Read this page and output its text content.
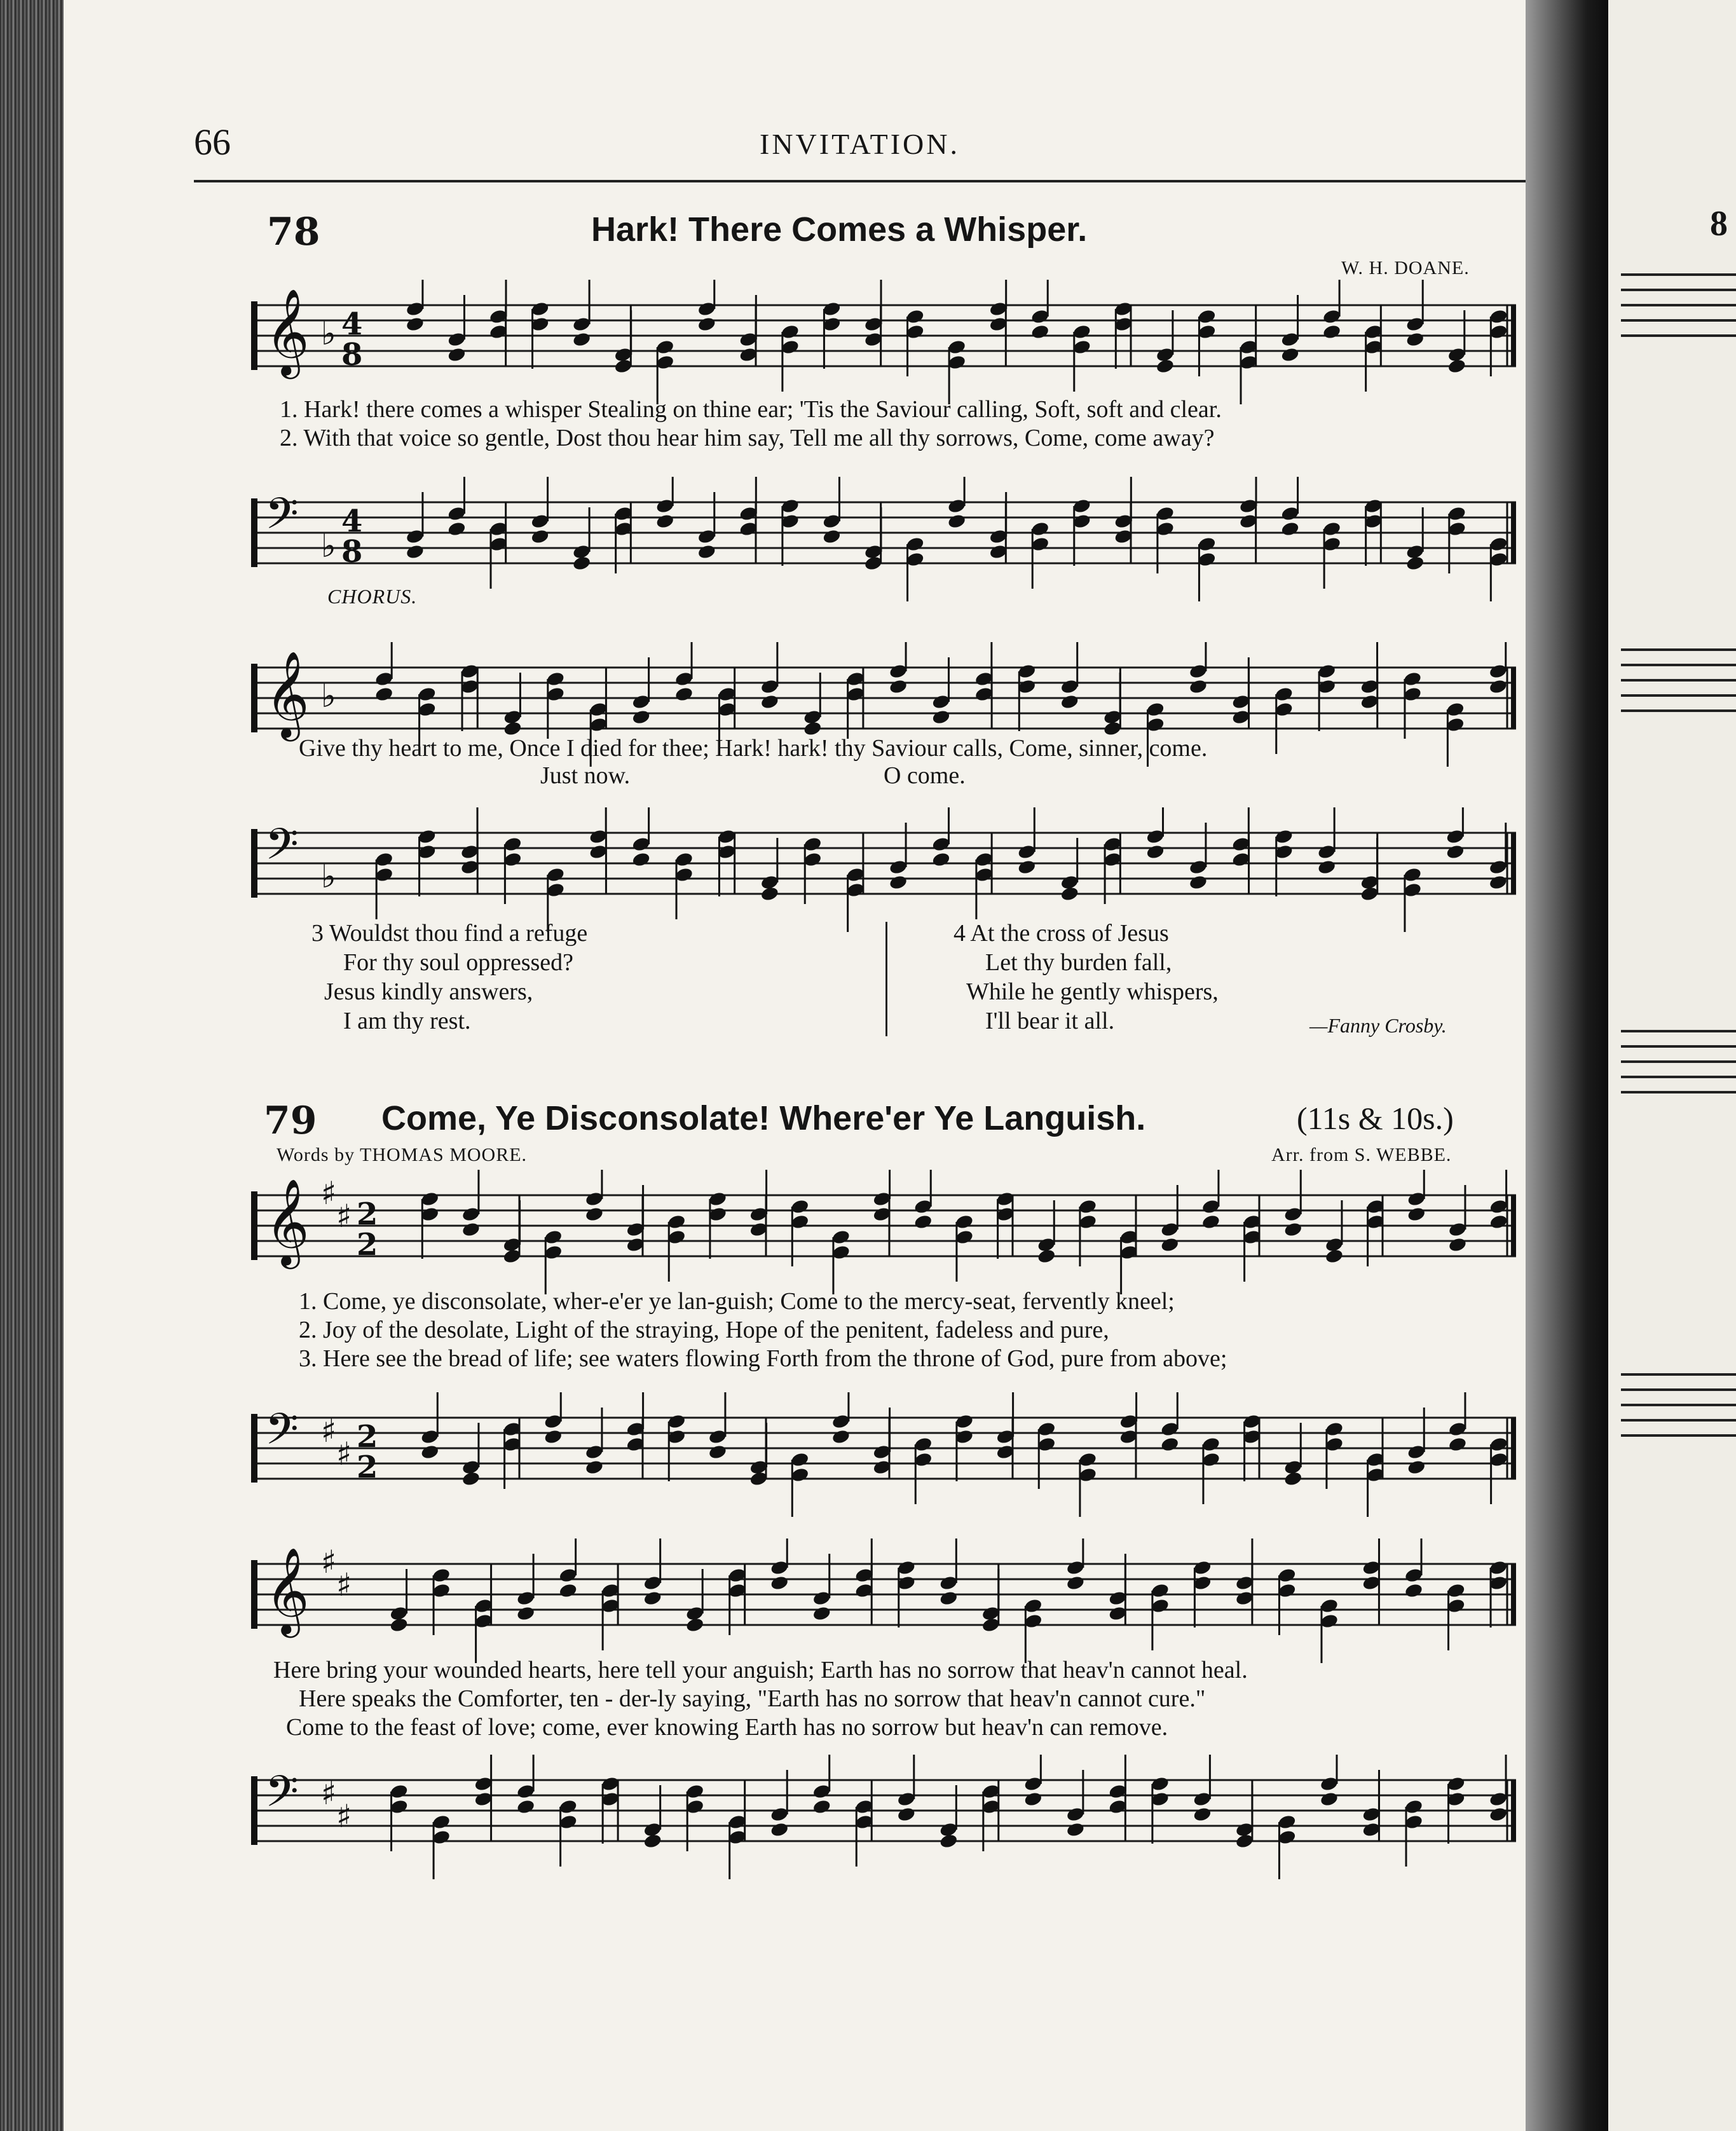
8
66	INVITATION.
78	Hark! There Comes a Whisper.
W. H. DOANE.
𝄞 ♭ 4
8
𝄢 ♭
4
8
1. Hark! there comes a whisper Stealing on thine ear; 'Tis the Saviour calling, Soft, soft and clear.
2. With that voice so gentle, Dost thou hear him say, Tell me all thy sorrows, Come, come away?
CHORUS.
𝄞 ♭
𝄢 ♭
Give thy heart to me, Once I died for thee; Hark! hark! thy Saviour calls, Come, sinner, come.
Just now.	O come.
3 Wouldst thou find a refuge
For thy soul oppressed?
Jesus kindly answers,
I am thy rest.
4 At the cross of Jesus
Let thy burden fall,
While he gently whispers,
I'll bear it all.	—Fanny Crosby.
79 Come, Ye Disconsolate! Where'er Ye Languish.	(11s & 10s.)
Words by THOMAS MOORE.	Arr. from S. WEBBE.
𝄞 ♯
♯ 2
2
1. Come, ye disconsolate, wher-e'er ye lan-guish; Come to the mercy-seat, fervently kneel;
2. Joy of the desolate, Light of the straying, Hope of the penitent, fadeless and pure,
3. Here see the bread of life; see waters flowing Forth from the throne of God, pure from above;
𝄢 ♯
♯ 2
2
𝄞 ♯
♯
Here bring your wounded hearts, here tell your anguish; Earth has no sorrow that heav'n cannot heal.
Here speaks the Comforter, ten - der-ly saying, "Earth has no sorrow that heav'n cannot cure."
Come to the feast of love; come, ever knowing Earth has no sorrow but heav'n can remove.
𝄢 ♯
♯
